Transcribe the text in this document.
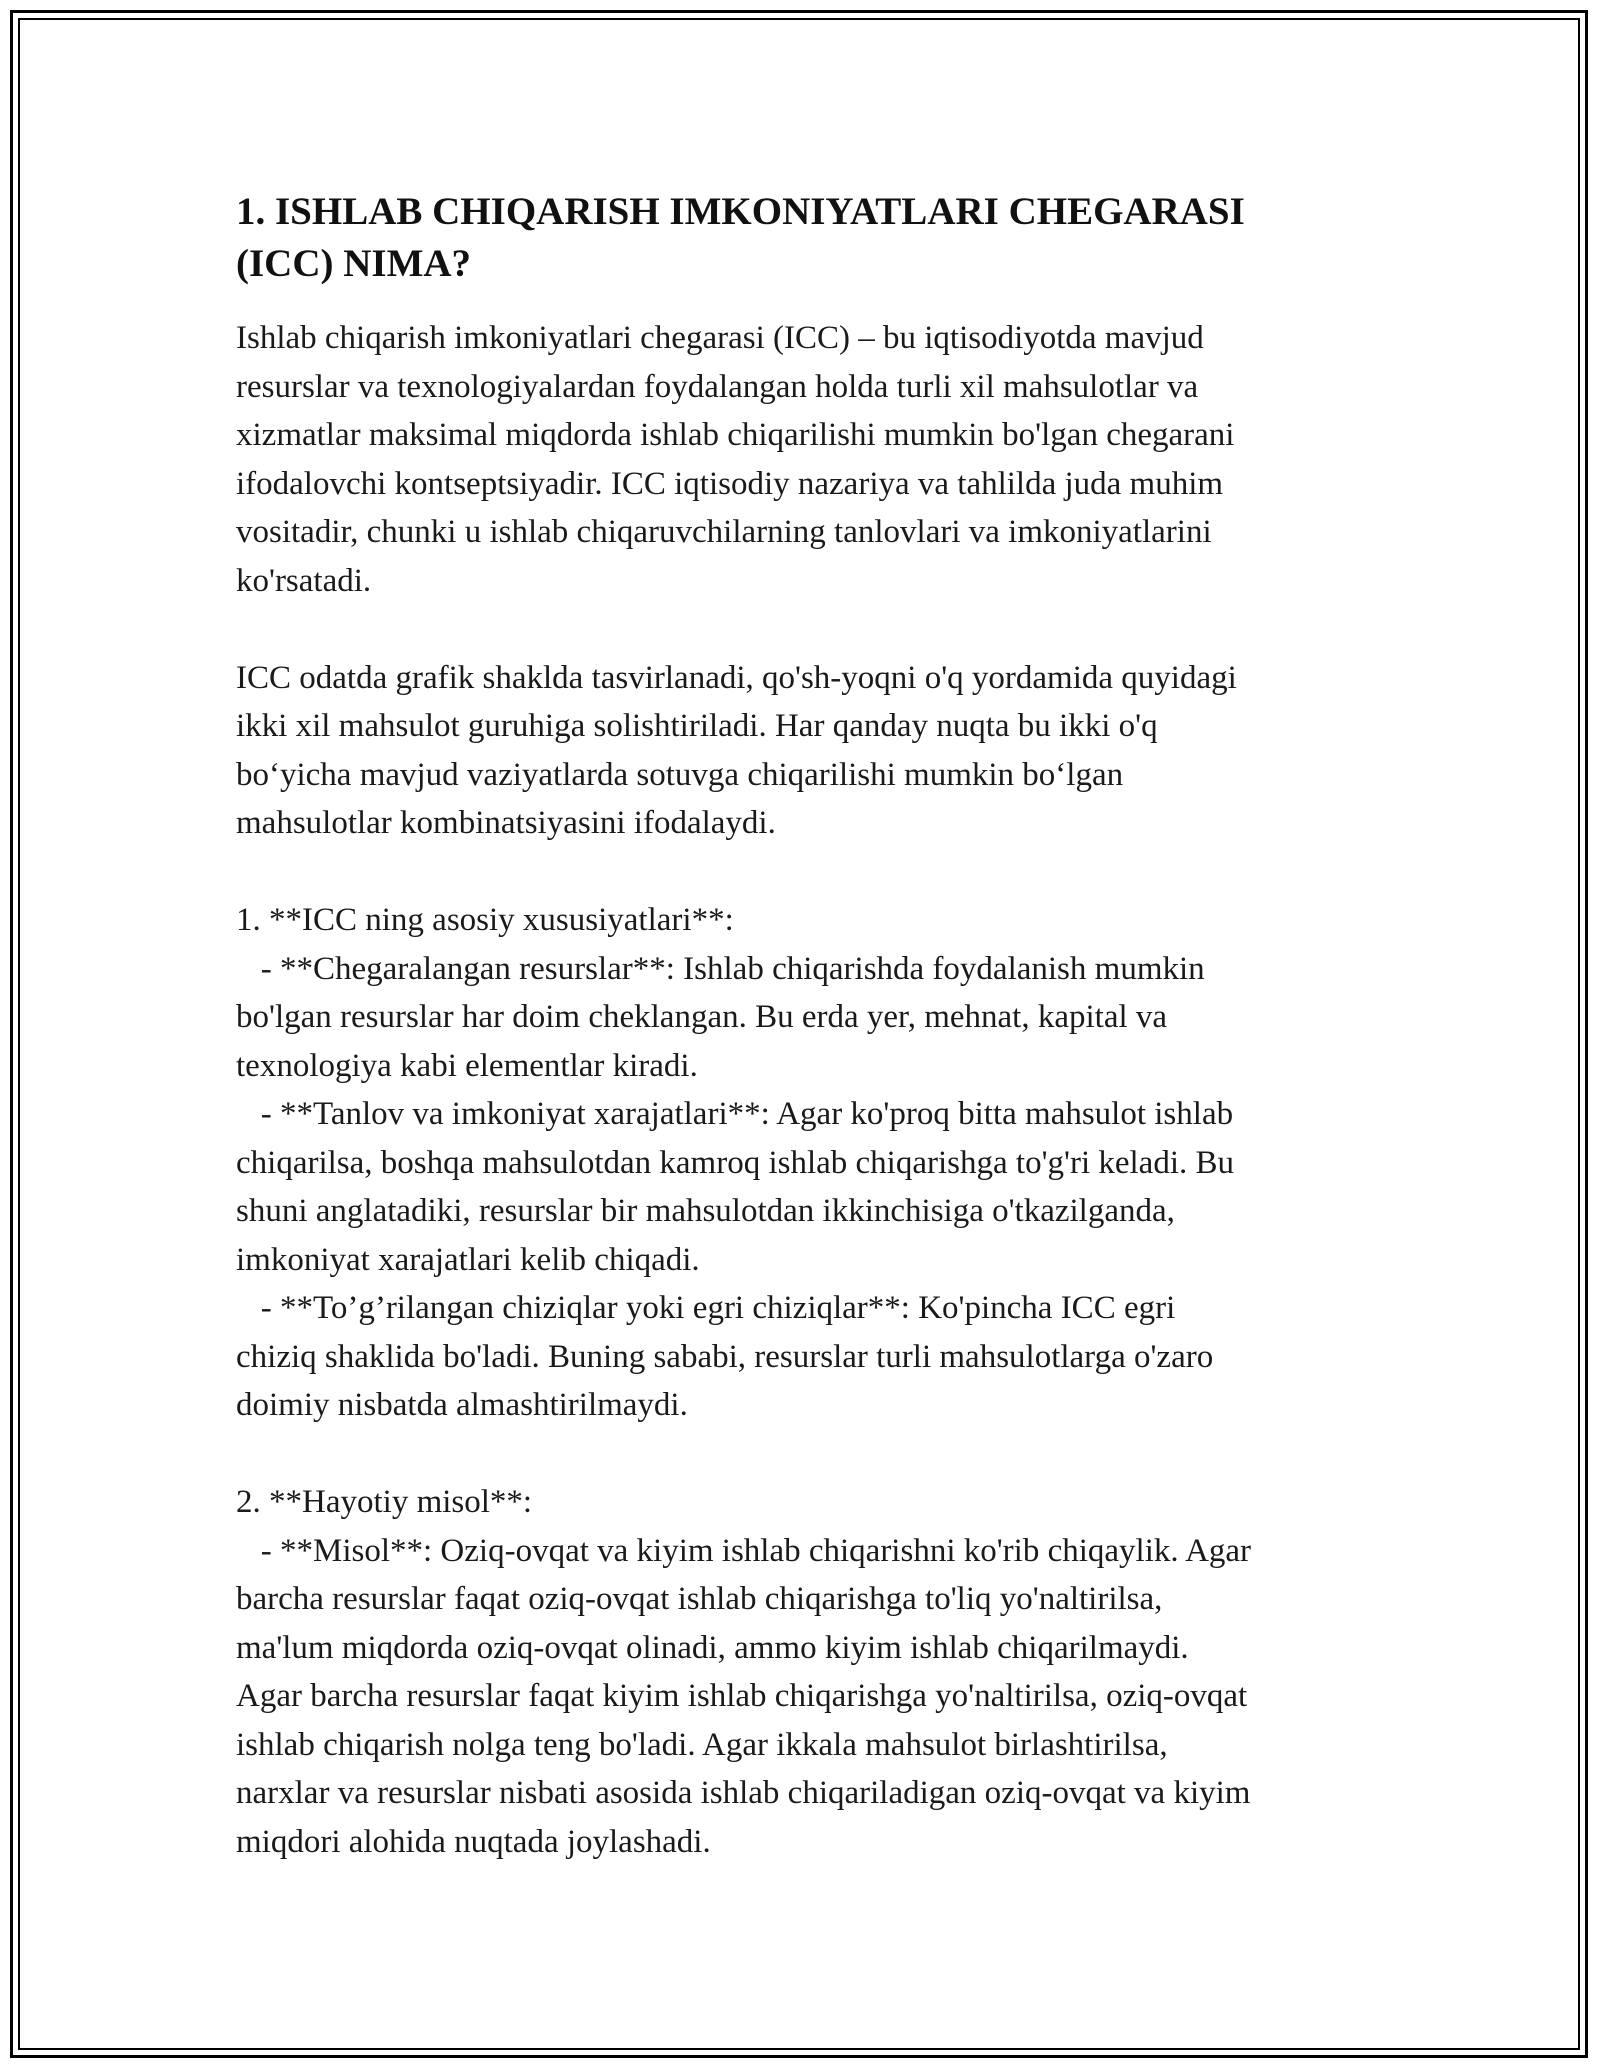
1. ISHLAB CHIQARISH IMKONIYATLARI CHEGARASI
(ICC) NIMA?
Ishlab chiqarish imkoniyatlari chegarasi (ICC) – bu iqtisodiyotda mavjud
resurslar va texnologiyalardan foydalangan holda turli xil mahsulotlar va
xizmatlar maksimal miqdorda ishlab chiqarilishi mumkin bo'lgan chegarani
ifodalovchi kontseptsiyadir. ICC iqtisodiy nazariya va tahlilda juda muhim
vositadir, chunki u ishlab chiqaruvchilarning tanlovlari va imkoniyatlarini
ko'rsatadi.
ICC odatda grafik shaklda tasvirlanadi, qo'sh-yoqni o'q yordamida quyidagi
ikki xil mahsulot guruhiga solishtiriladi. Har qanday nuqta bu ikki o'q
bo‘yicha mavjud vaziyatlarda sotuvga chiqarilishi mumkin bo‘lgan
mahsulotlar kombinatsiyasini ifodalaydi.
1. **ICC ning asosiy xususiyatlari**:
- **Chegaralangan resurslar**: Ishlab chiqarishda foydalanish mumkin
bo'lgan resurslar har doim cheklangan. Bu erda yer, mehnat, kapital va
texnologiya kabi elementlar kiradi.
- **Tanlov va imkoniyat xarajatlari**: Agar ko'proq bitta mahsulot ishlab
chiqarilsa, boshqa mahsulotdan kamroq ishlab chiqarishga to'g'ri keladi. Bu
shuni anglatadiki, resurslar bir mahsulotdan ikkinchisiga o'tkazilganda,
imkoniyat xarajatlari kelib chiqadi.
- **To’g’rilangan chiziqlar yoki egri chiziqlar**: Ko'pincha ICC egri
chiziq shaklida bo'ladi. Buning sababi, resurslar turli mahsulotlarga o'zaro
doimiy nisbatda almashtirilmaydi.
2. **Hayotiy misol**:
- **Misol**: Oziq-ovqat va kiyim ishlab chiqarishni ko'rib chiqaylik. Agar
barcha resurslar faqat oziq-ovqat ishlab chiqarishga to'liq yo'naltirilsa,
ma'lum miqdorda oziq-ovqat olinadi, ammo kiyim ishlab chiqarilmaydi.
Agar barcha resurslar faqat kiyim ishlab chiqarishga yo'naltirilsa, oziq-ovqat
ishlab chiqarish nolga teng bo'ladi. Agar ikkala mahsulot birlashtirilsa,
narxlar va resurslar nisbati asosida ishlab chiqariladigan oziq-ovqat va kiyim
miqdori alohida nuqtada joylashadi.
